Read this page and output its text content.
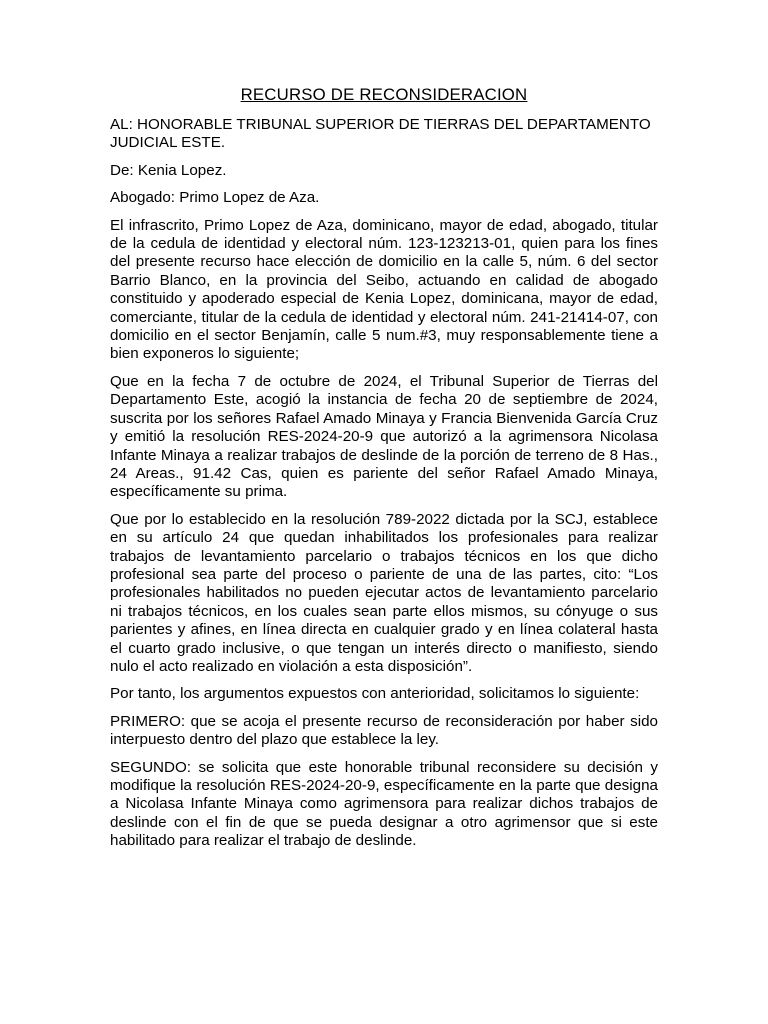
RECURSO DE RECONSIDERACION
AL: HONORABLE TRIBUNAL SUPERIOR DE TIERRAS DEL DEPARTAMENTO JUDICIAL ESTE.
De: Kenia Lopez.
Abogado: Primo Lopez de Aza.
El infrascrito, Primo Lopez de Aza, dominicano, mayor de edad, abogado, titular de la cedula de identidad y electoral núm. 123-123213-01, quien para los fines del presente recurso hace elección de domicilio en la calle 5, núm. 6 del sector Barrio Blanco, en la provincia del Seibo, actuando en calidad de abogado constituido y apoderado especial de Kenia Lopez, dominicana, mayor de edad, comerciante, titular de la cedula de identidad y electoral núm. 241-21414-07, con domicilio en el sector Benjamín, calle 5 num.#3, muy responsablemente tiene a bien exponeros lo siguiente;
Que en la fecha 7 de octubre de 2024, el Tribunal Superior de Tierras del Departamento Este, acogió la instancia de fecha 20 de septiembre de 2024, suscrita por los señores Rafael Amado Minaya y Francia Bienvenida García Cruz y emitió la resolución RES-2024-20-9 que autorizó a la agrimensora Nicolasa Infante Minaya a realizar trabajos de deslinde de la porción de terreno de 8 Has., 24 Areas., 91.42 Cas, quien es pariente del señor Rafael Amado Minaya, específicamente su prima.
Que por lo establecido en la resolución 789-2022 dictada por la SCJ, establece en su artículo 24 que quedan inhabilitados los profesionales para realizar trabajos de levantamiento parcelario o trabajos técnicos en los que dicho profesional sea parte del proceso o pariente de una de las partes, cito: “Los profesionales habilitados no pueden ejecutar actos de levantamiento parcelario ni trabajos técnicos, en los cuales sean parte ellos mismos, su cónyuge o sus parientes y afines, en línea directa en cualquier grado y en línea colateral hasta el cuarto grado inclusive, o que tengan un interés directo o manifiesto, siendo nulo el acto realizado en violación a esta disposición”.
Por tanto, los argumentos expuestos con anterioridad, solicitamos lo siguiente:
PRIMERO: que se acoja el presente recurso de reconsideración por haber sido interpuesto dentro del plazo que establece la ley.
SEGUNDO: se solicita que este honorable tribunal reconsidere su decisión y modifique la resolución RES-2024-20-9, específicamente en la parte que designa a Nicolasa Infante Minaya como agrimensora para realizar dichos trabajos de deslinde con el fin de que se pueda designar a otro agrimensor que si este habilitado para realizar el trabajo de deslinde.
